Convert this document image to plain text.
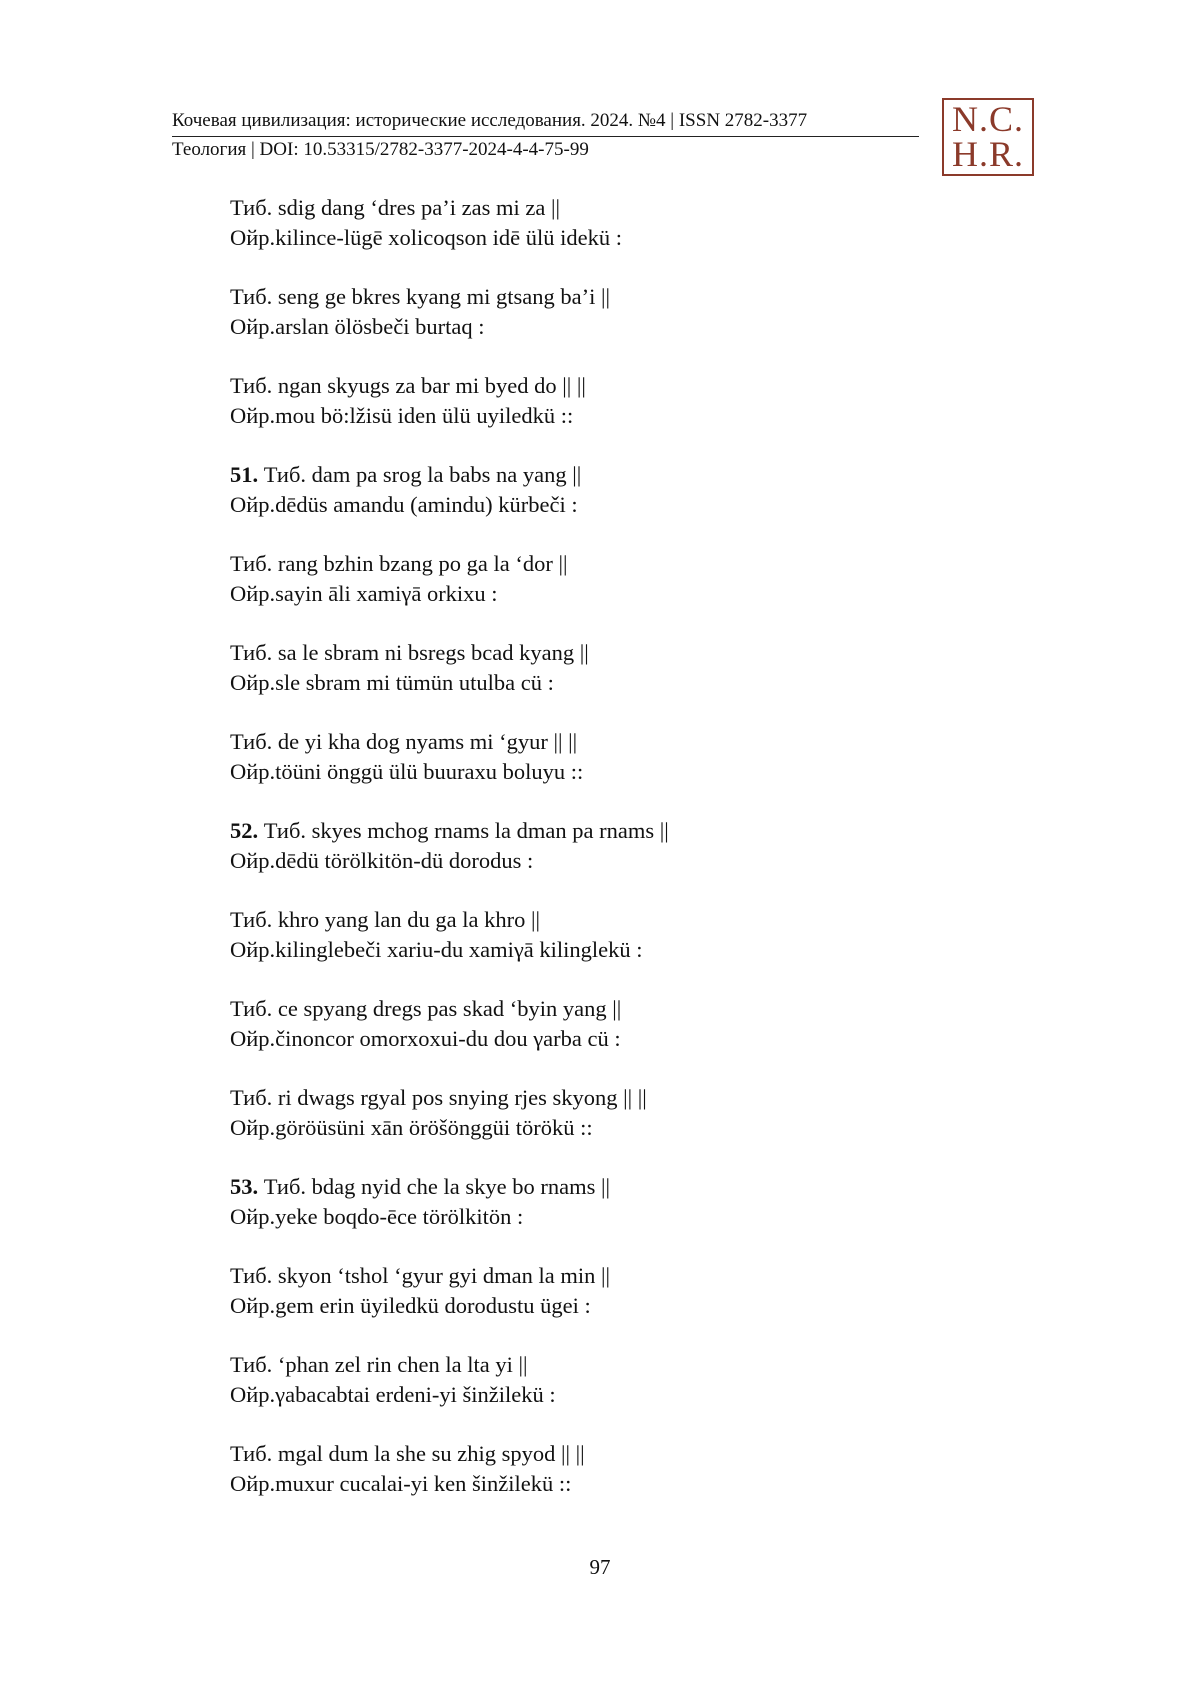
Кочевая цивилизация: исторические исследования. 2024. №4 | ISSN 2782-3377
Теология | DOI: 10.53315/2782-3377-2024-4-4-75-99
N.C.
H.R.
Тиб. sdig dang ‘dres pa’i zas mi za ||
Ойр.kilince-lügē xolicoqson idē ülü idekü :
Тиб. seng ge bkres kyang mi gtsang ba’i ||
Ойр.arslan ölösbeči burtaq :
Тиб. ngan skyugs za bar mi byed do || ||
Ойр.mou bö:lžisü iden ülü uyiledkü ::
51. Тиб. dam pa srog la babs na yang ||
Ойр.dēdüs amandu (amindu) kürbeči :
Тиб. rang bzhin bzang po ga la ‘dor ||
Ойр.sayin āli xamiγā orkixu :
Тиб. sa le sbram ni bsregs bcad kyang ||
Ойр.sle sbram mi tümün utulba cü :
Тиб. de yi kha dog nyams mi ‘gyur || ||
Ойр.töüni önggü ülü buuraxu boluyu ::
52. Тиб. skyes mchog rnams la dman pa rnams ||
Ойр.dēdü törölkitön-dü dorodus :
Тиб. khro yang lan du ga la khro ||
Ойр.kilinglebeči xariu-du xamiγā kilinglekü :
Тиб. ce spyang dregs pas skad ‘byin yang ||
Ойр.činoncor omorxoxui-du dou γarba cü :
Тиб. ri dwags rgyal pos snying rjes skyong || ||
Ойр.göröüsüni xān öröšönggüi törökü ::
53. Тиб. bdag nyid che la skye bo rnams ||
Ойр.yeke boqdo-ēce törölkitön :
Тиб. skyon ‘tshol ‘gyur gyi dman la min ||
Ойр.gem erin üyiledkü dorodustu ügei :
Тиб. ‘phan zel rin chen la lta yi ||
Ойр.γabacabtai erdeni-yi šinžilekü :
Тиб. mgal dum la she su zhig spyod || ||
Ойр.muxur cucalai-yi ken šinžilekü ::
97
